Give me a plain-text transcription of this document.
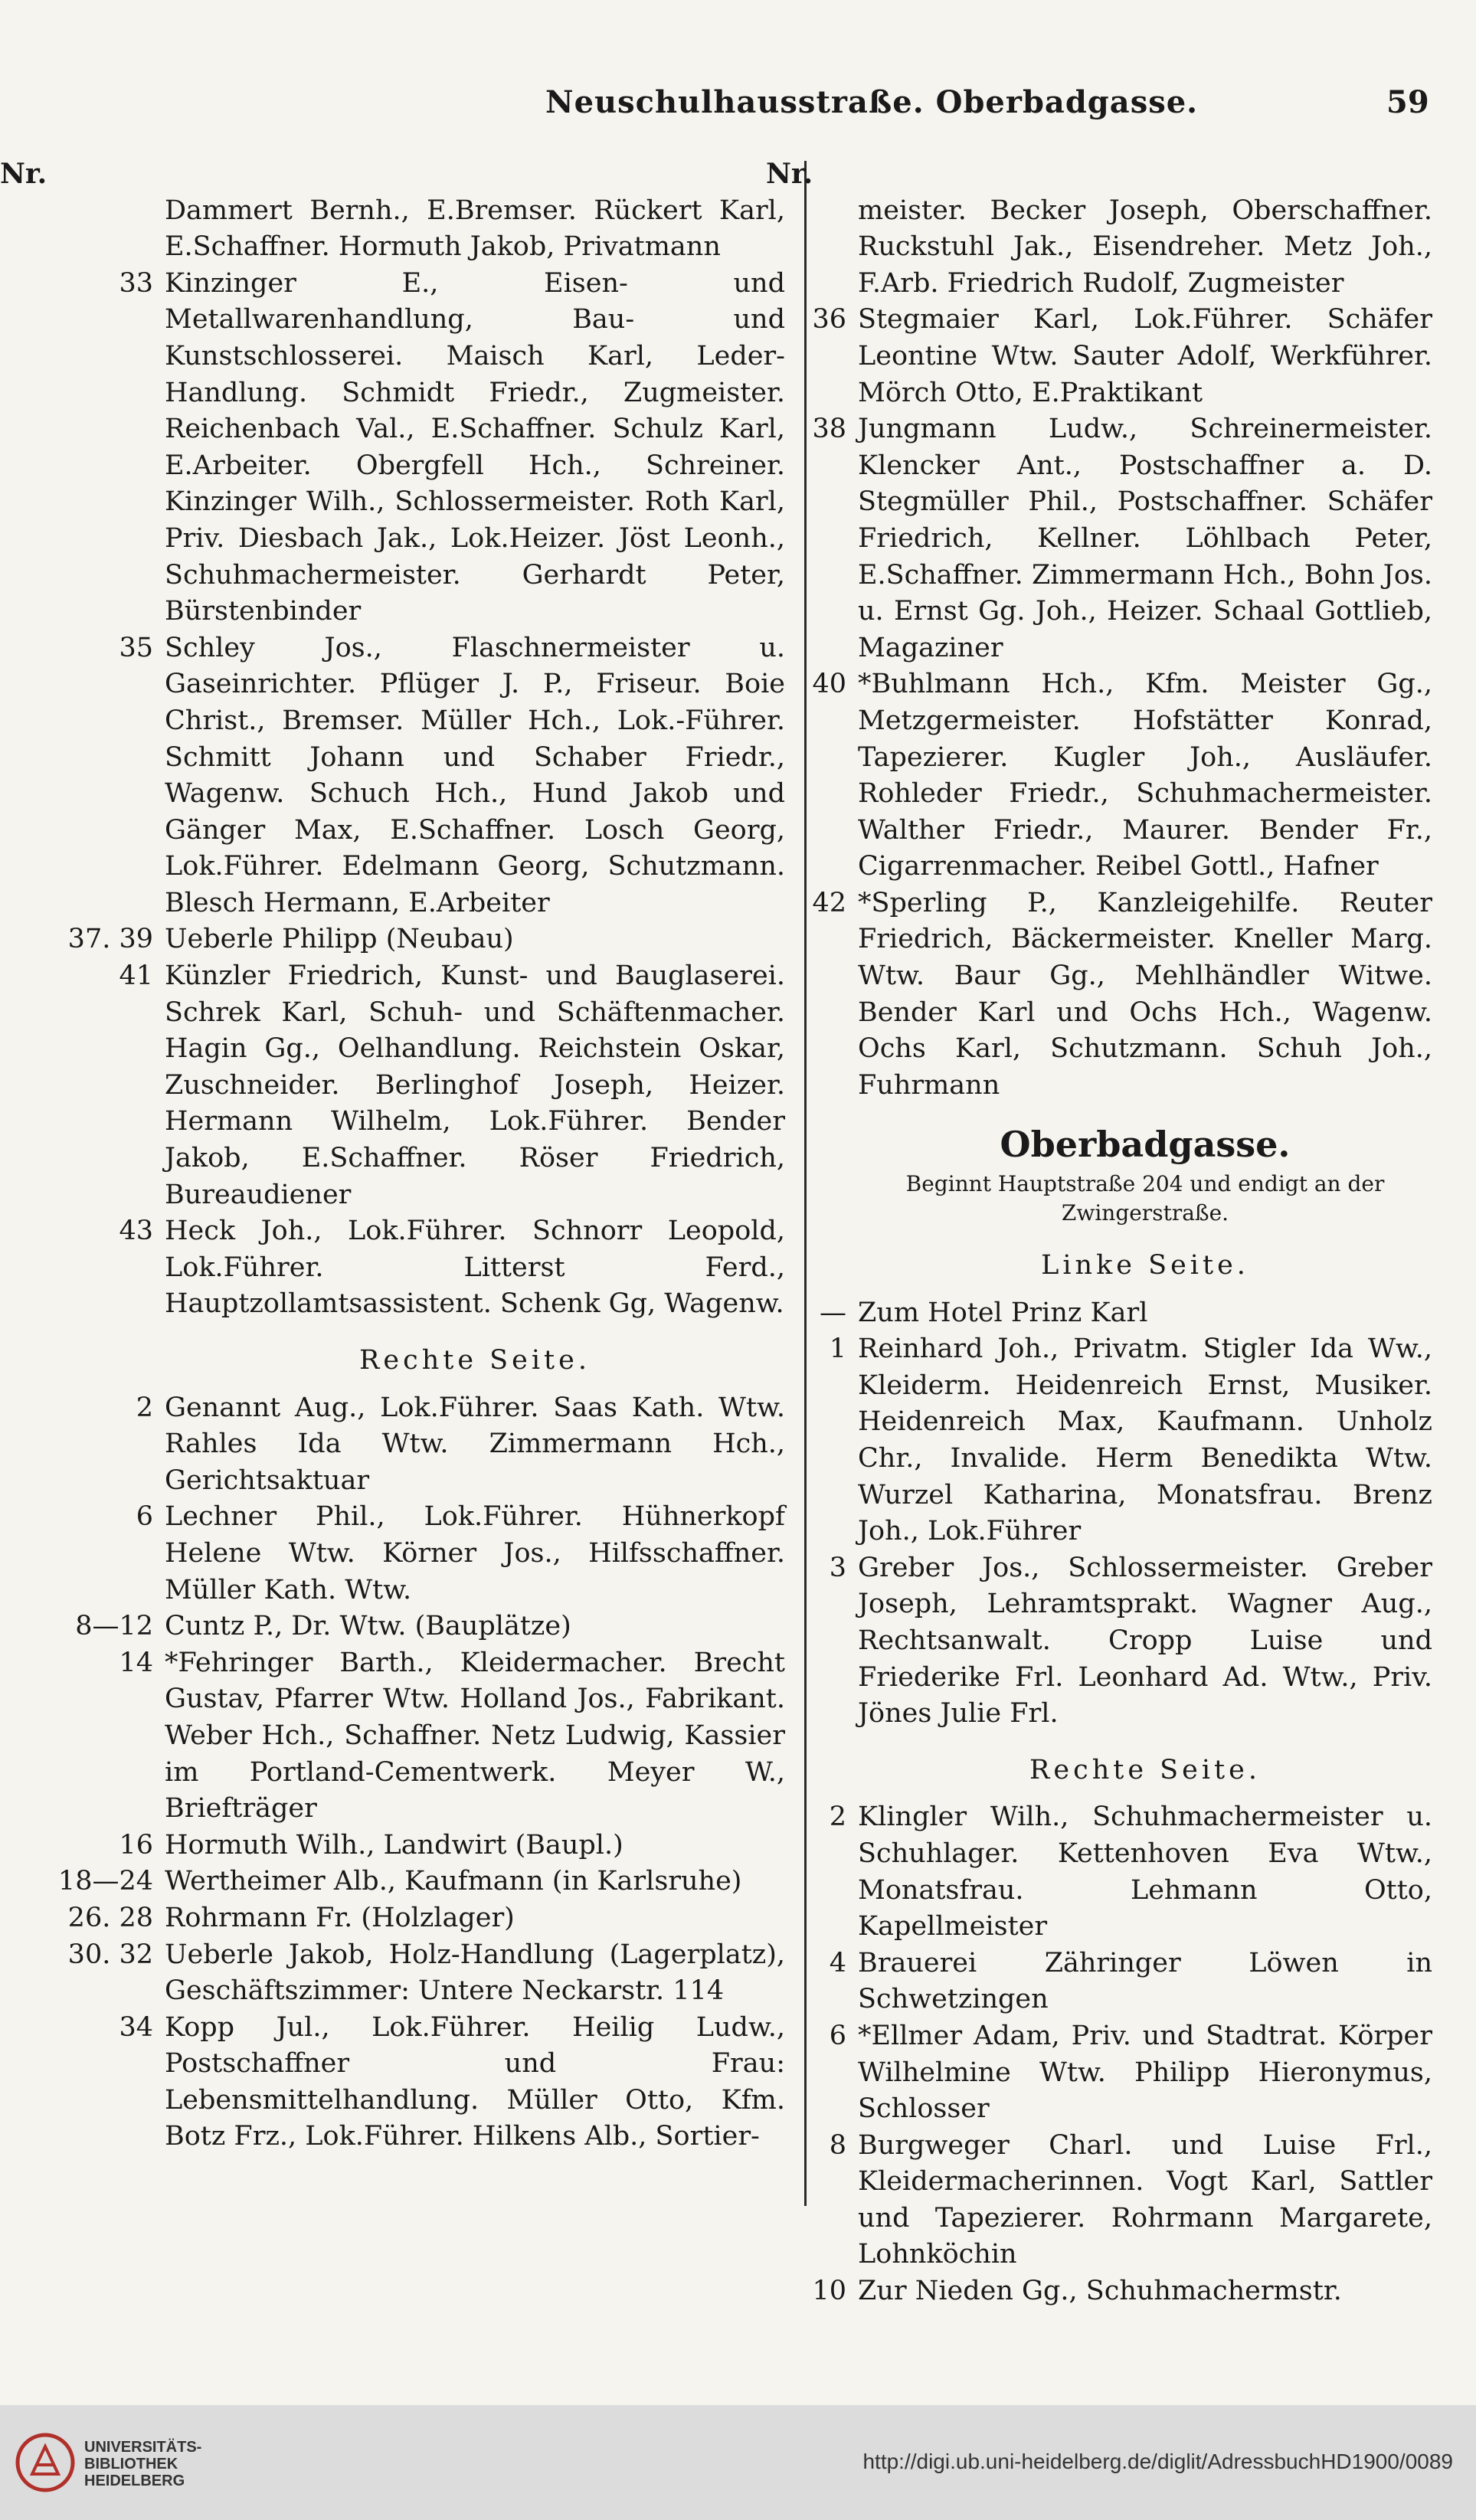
Neuschulhausstraße. Oberbadgasse.	59
Nr.
Dammert Bernh., E.Bremser. Rückert Karl, E.Schaffner. Hormuth Jakob, Privatmann
33 Kinzinger E., Eisen- und Metallwarenhandlung, Bau- und Kunstschlosserei. Maisch Karl, Leder-Handlung. Schmidt Friedr., Zugmeister. Reichenbach Val., E.Schaffner. Schulz Karl, E.Arbeiter. Obergfell Hch., Schreiner. Kinzinger Wilh., Schlossermeister. Roth Karl, Priv. Diesbach Jak., Lok.Heizer. Jöst Leonh., Schuhmachermeister. Gerhardt Peter, Bürstenbinder
35 Schley Jos., Flaschnermeister u. Gaseinrichter. Pflüger J. P., Friseur. Boie Christ., Bremser. Müller Hch., Lok.-Führer. Schmitt Johann und Schaber Friedr., Wagenw. Schuch Hch., Hund Jakob und Gänger Max, E.Schaffner. Losch Georg, Lok.Führer. Edelmann Georg, Schutzmann. Blesch Hermann, E.Arbeiter
37. 39 Ueberle Philipp (Neubau)
41 Künzler Friedrich, Kunst- und Bauglaserei. Schrek Karl, Schuh- und Schäftenmacher. Hagin Gg., Oelhandlung. Reichstein Oskar, Zuschneider. Berlinghof Joseph, Heizer. Hermann Wilhelm, Lok.Führer. Bender Jakob, E.Schaffner. Röser Friedrich, Bureaudiener
43 Heck Joh., Lok.Führer. Schnorr Leopold, Lok.Führer. Litterst Ferd., Hauptzollamtsassistent. Schenk Gg, Wagenw.
Rechte Seite.
2 Genannt Aug., Lok.Führer. Saas Kath. Wtw. Rahles Ida Wtw. Zimmermann Hch., Gerichtsaktuar
6 Lechner Phil., Lok.Führer. Hühnerkopf Helene Wtw. Körner Jos., Hilfsschaffner. Müller Kath. Wtw.
8—12 Cuntz P., Dr. Wtw. (Bauplätze)
14 *Fehringer Barth., Kleidermacher. Brecht Gustav, Pfarrer Wtw. Holland Jos., Fabrikant. Weber Hch., Schaffner. Netz Ludwig, Kassier im Portland-Cementwerk. Meyer W., Briefträger
16 Hormuth Wilh., Landwirt (Baupl.)
18—24 Wertheimer Alb., Kaufmann (in Karlsruhe)
26. 28 Rohrmann Fr. (Holzlager)
30. 32 Ueberle Jakob, Holz-Handlung (Lagerplatz), Geschäftszimmer: Untere Neckarstr. 114
34 Kopp Jul., Lok.Führer. Heilig Ludw., Postschaffner und Frau: Lebensmittelhandlung. Müller Otto, Kfm. Botz Frz., Lok.Führer. Hilkens Alb., Sortier-
Nr.
meister. Becker Joseph, Oberschaffner. Ruckstuhl Jak., Eisendreher. Metz Joh., F.Arb. Friedrich Rudolf, Zugmeister
36 Stegmaier Karl, Lok.Führer. Schäfer Leontine Wtw. Sauter Adolf, Werkführer. Mörch Otto, E.Praktikant
38 Jungmann Ludw., Schreinermeister. Klencker Ant., Postschaffner a. D. Stegmüller Phil., Postschaffner. Schäfer Friedrich, Kellner. Löhlbach Peter, E.Schaffner. Zimmermann Hch., Bohn Jos. u. Ernst Gg. Joh., Heizer. Schaal Gottlieb, Magaziner
40 *Buhlmann Hch., Kfm. Meister Gg., Metzgermeister. Hofstätter Konrad, Tapezierer. Kugler Joh., Ausläufer. Rohleder Friedr., Schuhmachermeister. Walther Friedr., Maurer. Bender Fr., Cigarrenmacher. Reibel Gottl., Hafner
42 *Sperling P., Kanzleigehilfe. Reuter Friedrich, Bäckermeister. Kneller Marg. Wtw. Baur Gg., Mehlhändler Witwe. Bender Karl und Ochs Hch., Wagenw. Ochs Karl, Schutzmann. Schuh Joh., Fuhrmann
Oberbadgasse.
Beginnt Hauptstraße 204 und endigt an der Zwingerstraße.
Linke Seite.
— Zum Hotel Prinz Karl
1 Reinhard Joh., Privatm. Stigler Ida Ww., Kleiderm. Heidenreich Ernst, Musiker. Heidenreich Max, Kaufmann. Unholz Chr., Invalide. Herm Benedikta Wtw. Wurzel Katharina, Monatsfrau. Brenz Joh., Lok.Führer
3 Greber Jos., Schlossermeister. Greber Joseph, Lehramtsprakt. Wagner Aug., Rechtsanwalt. Cropp Luise und Friederike Frl. Leonhard Ad. Wtw., Priv. Jönes Julie Frl.
Rechte Seite.
2 Klingler Wilh., Schuhmachermeister u. Schuhlager. Kettenhoven Eva Wtw., Monatsfrau. Lehmann Otto, Kapellmeister
4 Brauerei Zähringer Löwen in Schwetzingen
6 *Ellmer Adam, Priv. und Stadtrat. Körper Wilhelmine Wtw. Philipp Hieronymus, Schlosser
8 Burgweger Charl. und Luise Frl., Kleidermacherinnen. Vogt Karl, Sattler und Tapezierer. Rohrmann Margarete, Lohnköchin
10 Zur Nieden Gg., Schuhmachermstr.
UNIVERSITÄTS-
BIBLIOTHEK
HEIDELBERG
http://digi.ub.uni-heidelberg.de/diglit/AdressbuchHD1900/0089
